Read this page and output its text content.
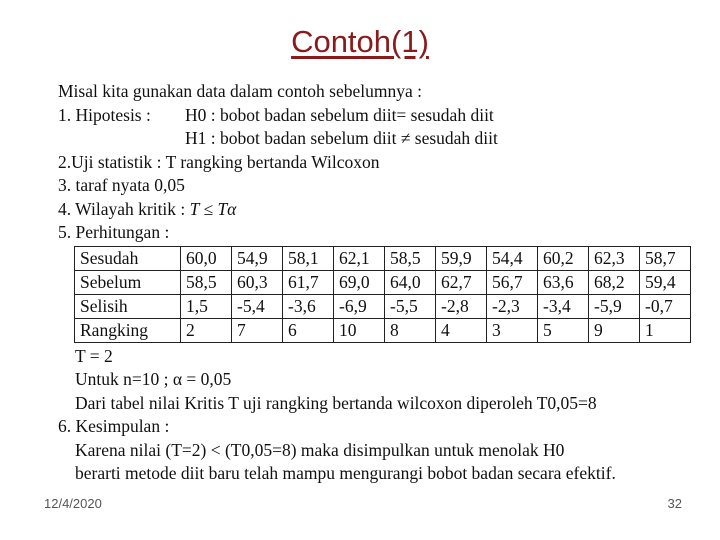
Contoh(1)
Misal kita gunakan data dalam contoh sebelumnya :
1. Hipotesis :	H0 : bobot badan sebelum diit= sesudah diit
H1 : bobot badan sebelum diit ≠ sesudah diit
2.Uji statistik : T rangking bertanda Wilcoxon
3. taraf nyata 0,05
4. Wilayah kritik : T ≤ Tα
5. Perhitungan :
Sesudah	60,0	54,9	58,1	62,1	58,5	59,9	54,4	60,2	62,3	58,7
Sebelum	58,5	60,3	61,7	69,0	64,0	62,7	56,7	63,6	68,2	59,4
Selisih	1,5	-5,4	-3,6	-6,9	-5,5	-2,8	-2,3	-3,4	-5,9	-0,7
Rangking	2	7	6	10	8	4	3	5	9	1
T = 2
Untuk n=10 ; α = 0,05
Dari tabel nilai Kritis T uji rangking bertanda wilcoxon diperoleh T0,05=8
6. Kesimpulan :
Karena nilai (T=2) < (T0,05=8) maka disimpulkan untuk menolak H0
berarti metode diit baru telah mampu mengurangi bobot badan secara efektif.
12/4/2020	32
